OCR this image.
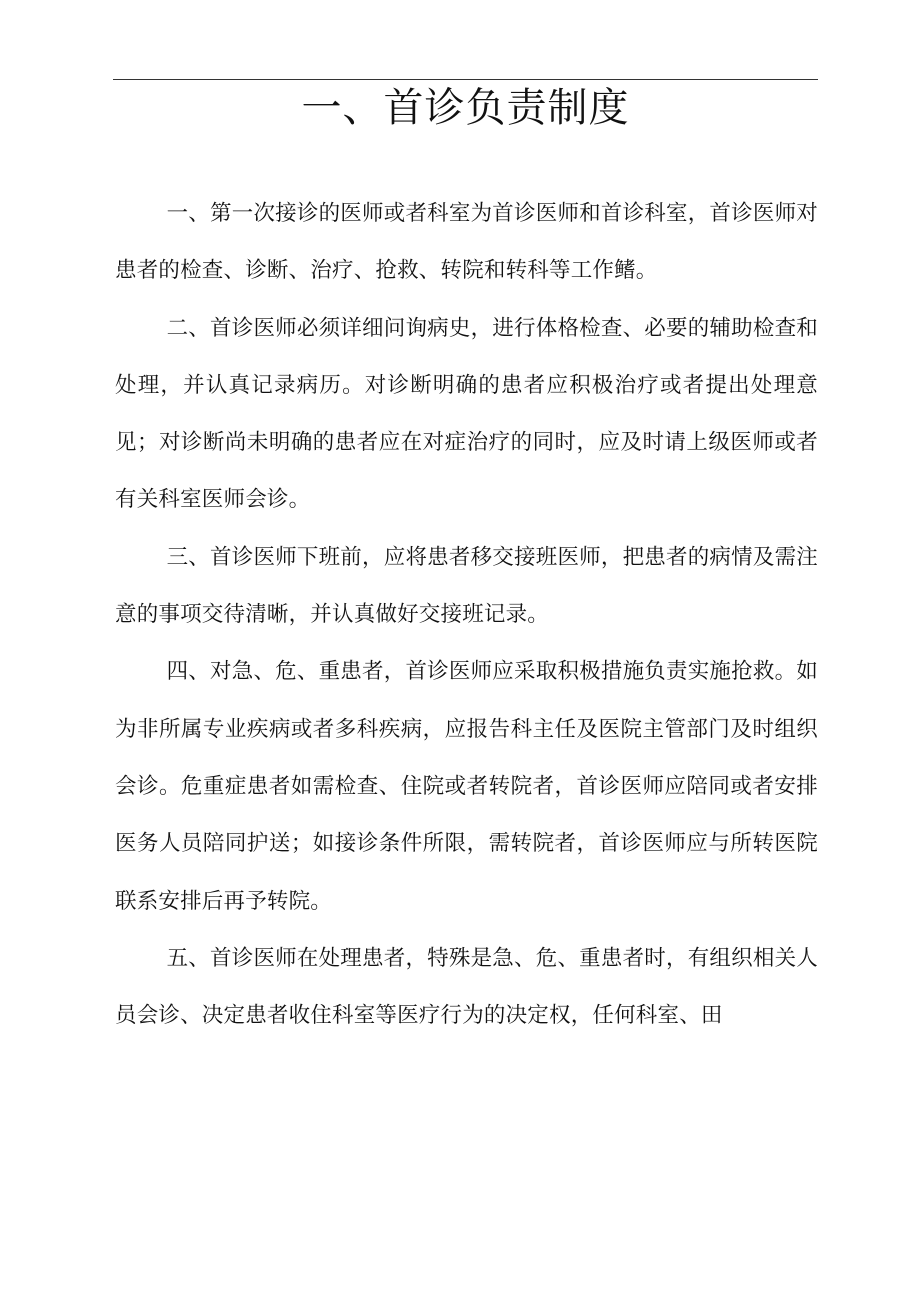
一、首诊负责制度

一、第一次接诊的医师或者科室为首诊医师和首诊科室，首诊医师对患者的检查、诊断、治疗、抢救、转院和转科等工作鳍。

二、首诊医师必须详细问询病史，进行体格检查、必要的辅助检查和处理，并认真记录病历。对诊断明确的患者应积极治疗或者提出处理意见；对诊断尚未明确的患者应在对症治疗的同时，应及时请上级医师或者有关科室医师会诊。

三、首诊医师下班前，应将患者移交接班医师，把患者的病情及需注意的事项交待清晰，并认真做好交接班记录。

四、对急、危、重患者，首诊医师应采取积极措施负责实施抢救。如为非所属专业疾病或者多科疾病，应报告科主任及医院主管部门及时组织会诊。危重症患者如需检查、住院或者转院者，首诊医师应陪同或者安排医务人员陪同护送；如接诊条件所限，需转院者，首诊医师应与所转医院联系安排后再予转院。

五、首诊医师在处理患者，特殊是急、危、重患者时，有组织相关人员会诊、决定患者收住科室等医疗行为的决定权，任何科室、田
